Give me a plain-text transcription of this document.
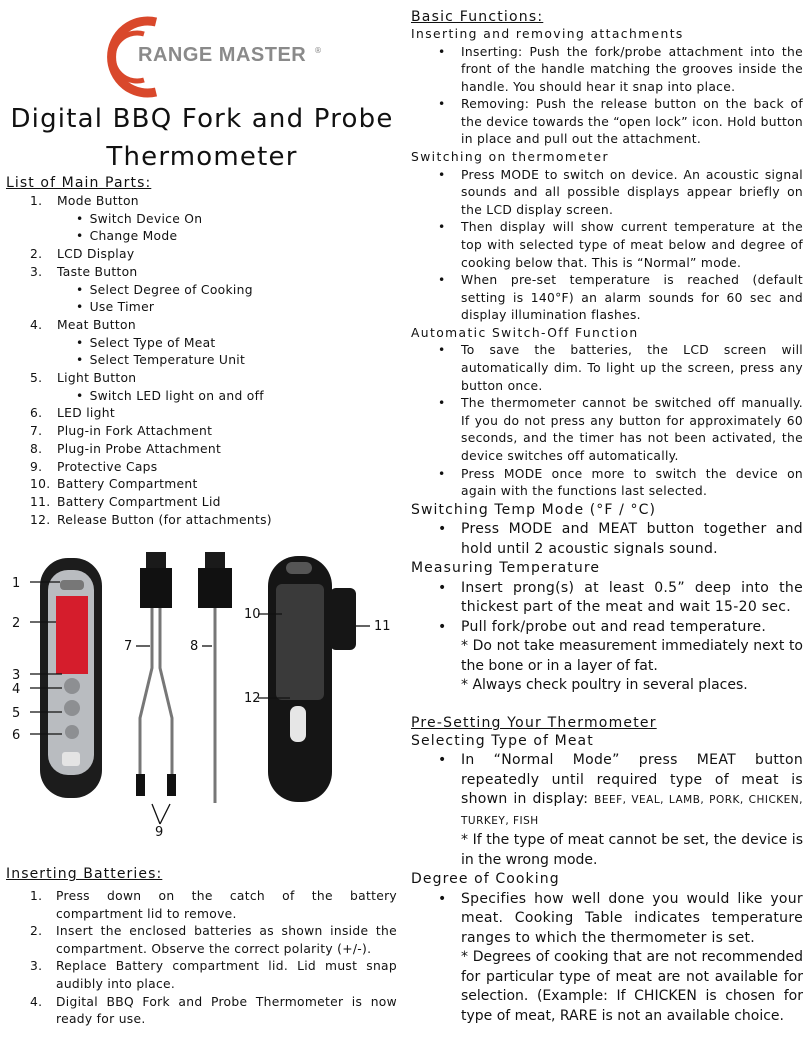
RANGE MASTER ®
Digital BBQ Fork and Probe
Thermometer
List of Main Parts:
1. Mode Button
• Switch Device On
• Change Mode
2. LCD Display
3. Taste Button
• Select Degree of Cooking
• Use Timer
4. Meat Button
• Select Type of Meat
• Select Temperature Unit
5. Light Button
• Switch LED light on and off
6. LED light
7. Plug-in Fork Attachment
8. Plug-in Probe Attachment
9. Protective Caps
10. Battery Compartment
11. Battery Compartment Lid
12. Release Button (for attachments)
1
2
3
4
5
6
7	8
9
10
11
12
Inserting Batteries:
1. Press down on the catch of the battery compartment lid to remove.
2. Insert the enclosed batteries as shown inside the compartment. Observe the correct polarity (+/-).
3. Replace Battery compartment lid. Lid must snap audibly into place.
4. Digital BBQ Fork and Probe Thermometer is now ready for use.
Basic Functions:
Inserting and removing attachments
• Inserting: Push the fork/probe attachment into the front of the handle matching the grooves inside the handle. You should hear it snap into place.
• Removing: Push the release button on the back of the device towards the “open lock” icon. Hold button in place and pull out the attachment.
Switching on thermometer
• Press MODE to switch on device. An acoustic signal sounds and all possible displays appear briefly on the LCD display screen.
• Then display will show current temperature at the top with selected type of meat below and degree of cooking below that. This is “Normal” mode.
• When pre-set temperature is reached (default setting is 140°F) an alarm sounds for 60 sec and display illumination flashes.
Automatic Switch-Off Function
• To save the batteries, the LCD screen will automatically dim. To light up the screen, press any button once.
• The thermometer cannot be switched off manually. If you do not press any button for approximately 60 seconds, and the timer has not been activated, the device switches off automatically.
• Press MODE once more to switch the device on again with the functions last selected.
Switching Temp Mode (°F / °C)
• Press MODE and MEAT button together and hold until 2 acoustic signals sound.
Measuring Temperature
• Insert prong(s) at least 0.5” deep into the thickest part of the meat and wait 15-20 sec.
• Pull fork/probe out and read temperature.
* Do not take measurement immediately next to the bone or in a layer of fat.
* Always check poultry in several places.
Pre-Setting Your Thermometer
Selecting Type of Meat
• In “Normal Mode” press MEAT button repeatedly until required type of meat is shown in display: BEEF, VEAL, LAMB, PORK, CHICKEN, TURKEY, FISH
* If the type of meat cannot be set, the device is in the wrong mode.
Degree of Cooking
• Specifies how well done you would like your meat. Cooking Table indicates temperature ranges to which the thermometer is set.
* Degrees of cooking that are not recommended for particular type of meat are not available for selection. (Example: If CHICKEN is chosen for type of meat, RARE is not an available choice.
